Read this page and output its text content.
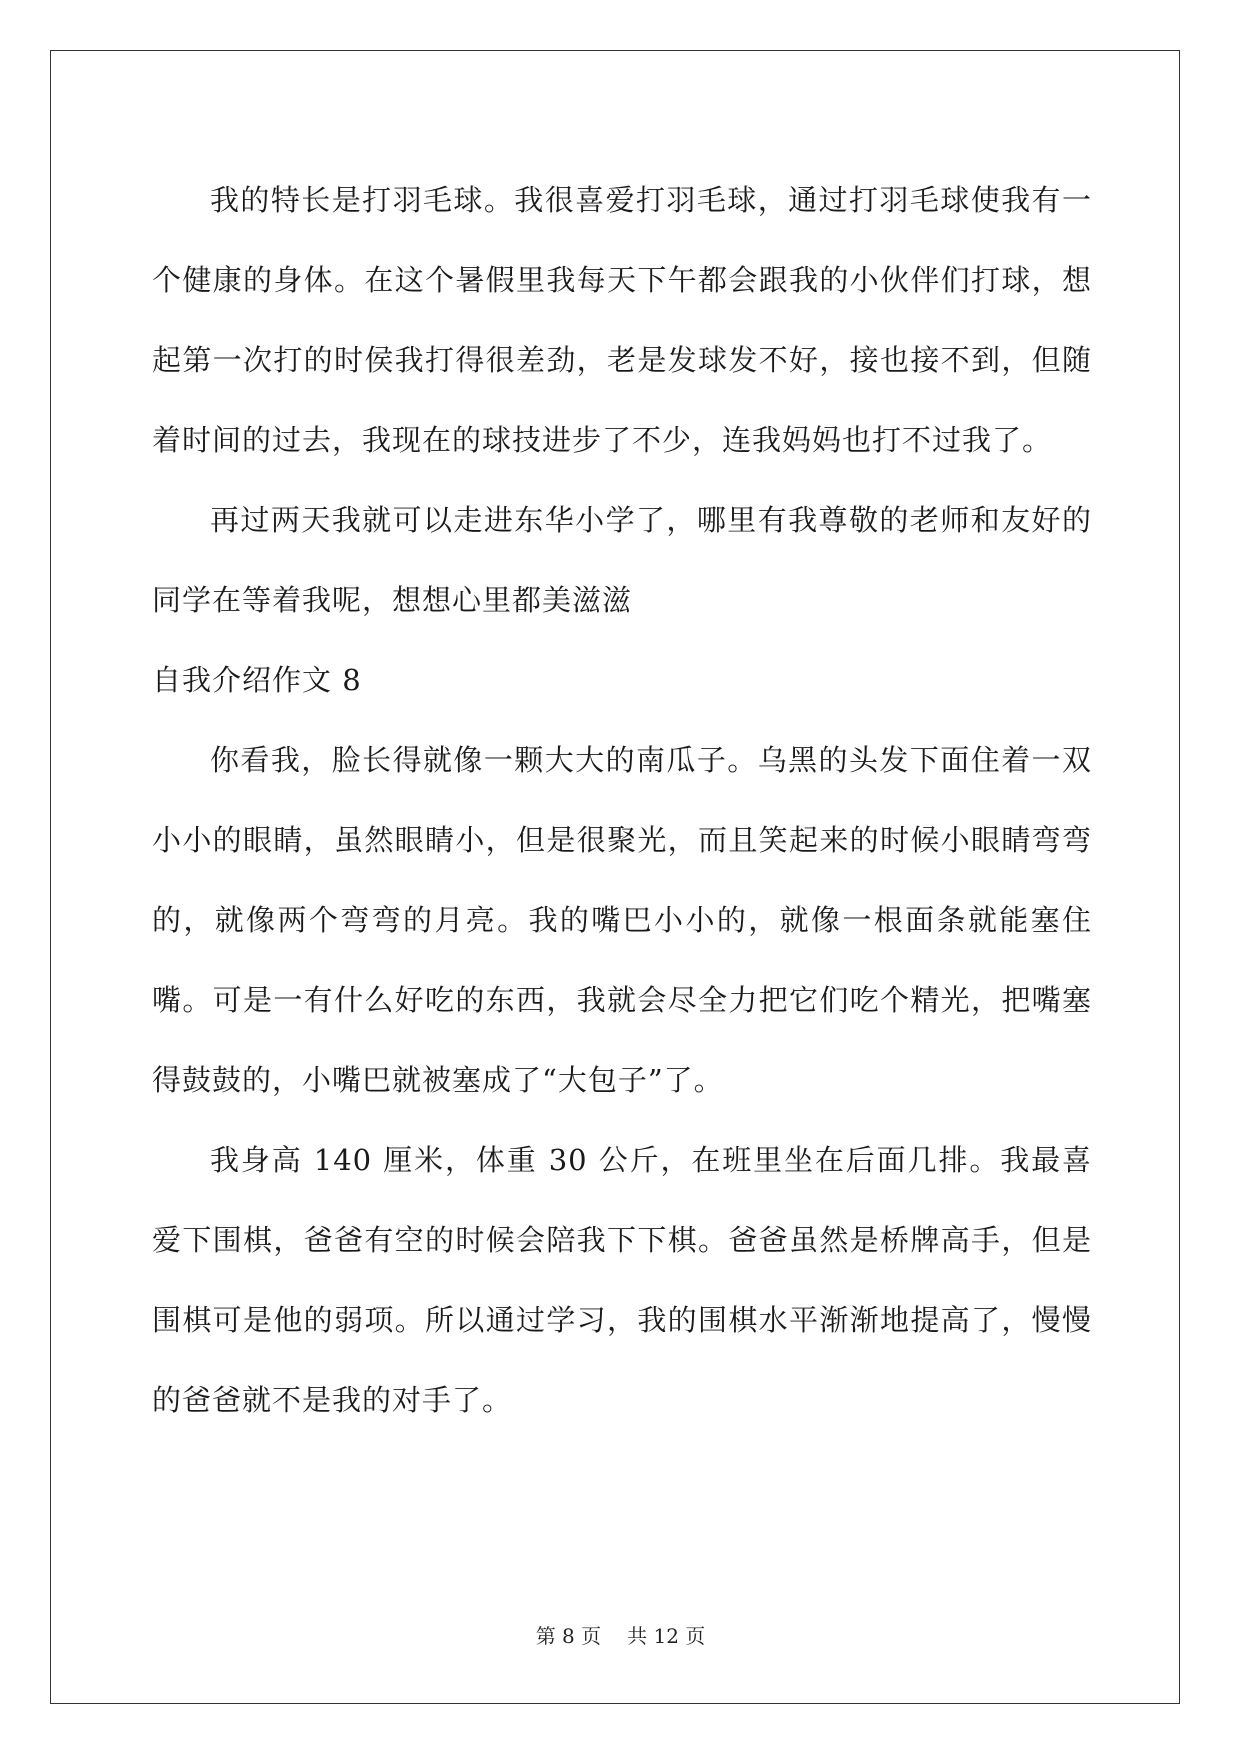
我的特长是打羽毛球。我很喜爱打羽毛球，通过打羽毛球使我有一个健康的身体。在这个暑假里我每天下午都会跟我的小伙伴们打球，想起第一次打的时侯我打得很差劲，老是发球发不好，接也接不到，但随着时间的过去，我现在的球技进步了不少，连我妈妈也打不过我了。

再过两天我就可以走进东华小学了，哪里有我尊敬的老师和友好的同学在等着我呢，想想心里都美滋滋

自我介绍作文 8

你看我，脸长得就像一颗大大的南瓜子。乌黑的头发下面住着一双小小的眼睛，虽然眼睛小，但是很聚光，而且笑起来的时候小眼睛弯弯的，就像两个弯弯的月亮。我的嘴巴小小的，就像一根面条就能塞住嘴。可是一有什么好吃的东西，我就会尽全力把它们吃个精光，把嘴塞得鼓鼓的，小嘴巴就被塞成了“大包子”了。

我身高 140 厘米，体重 30 公斤，在班里坐在后面几排。我最喜爱下围棋，爸爸有空的时候会陪我下下棋。爸爸虽然是桥牌高手，但是围棋可是他的弱项。所以通过学习，我的围棋水平渐渐地提高了，慢慢的爸爸就不是我的对手了。

第 8 页 共 12 页
